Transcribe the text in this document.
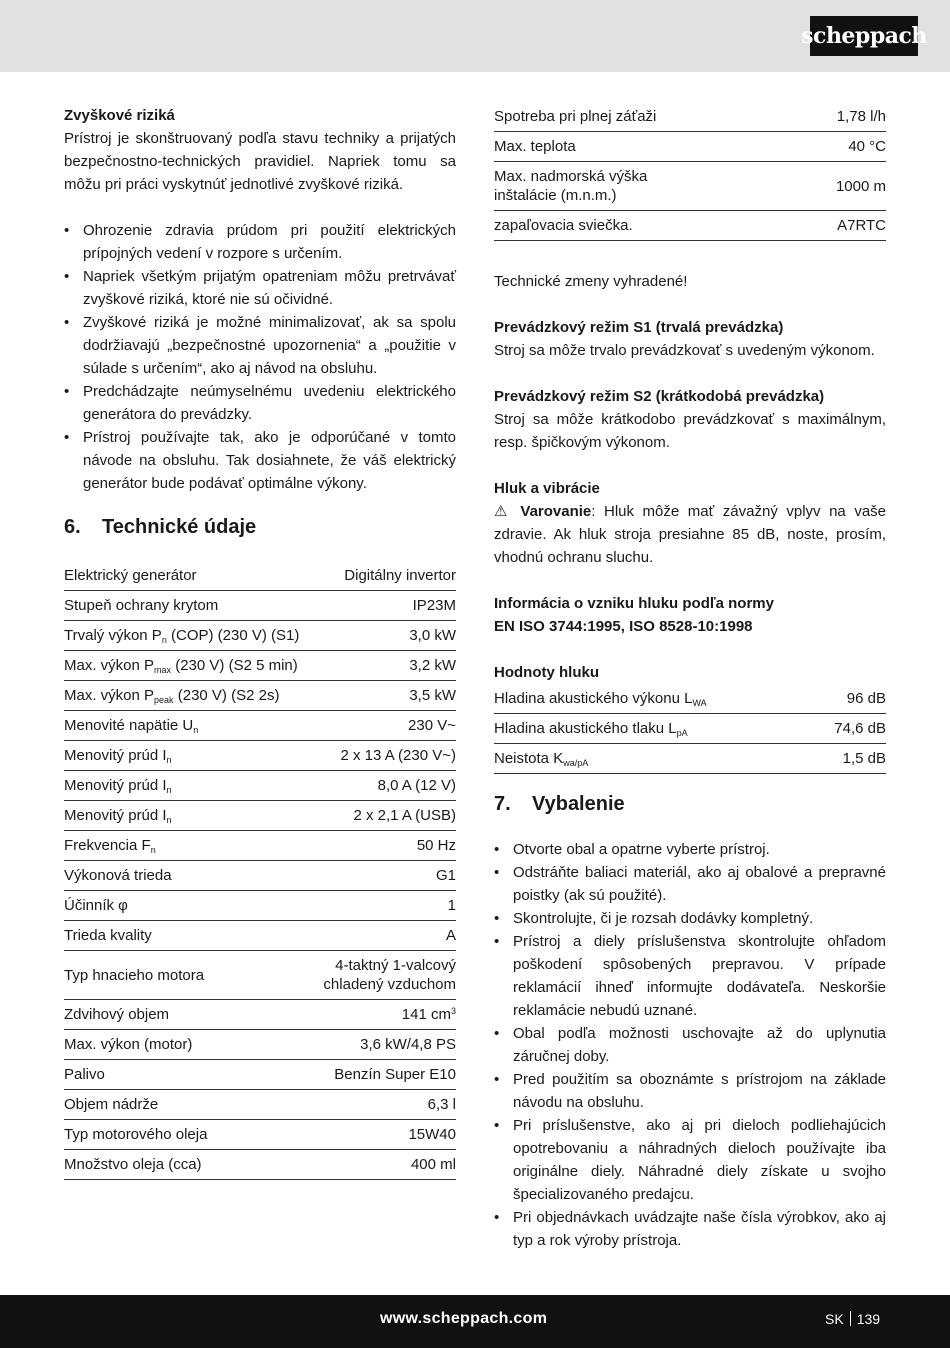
scheppach

Zvyškové riziká

Prístroj je skonštruovaný podľa stavu techniky a prijatých bezpečnostno-technických pravidiel. Napriek tomu sa môžu pri práci vyskytnúť jednotlivé zvyškové riziká.

• Ohrozenie zdravia prúdom pri použití elektrických prípojných vedení v rozpore s určením.
• Napriek všetkým prijatým opatreniam môžu pretrvávať zvyškové riziká, ktoré nie sú očividné.
• Zvyškové riziká je možné minimalizovať, ak sa spolu dodržiavajú „bezpečnostné upozornenia“ a „použitie v súlade s určením“, ako aj návod na obsluhu.
• Predchádzajte neúmyselnému uvedeniu elektrického generátora do prevádzky.
• Prístroj používajte tak, ako je odporúčané v tomto návode na obsluhu. Tak dosiahnete, že váš elektrický generátor bude podávať optimálne výkony.
6.	Technické údaje
Elektrický generátor	Digitálny invertor
Stupeň ochrany krytom	IP23M
Trvalý výkon $P_n$ (COP) (230 V) (S1)	3,0 kW
Max. výkon $P_{max}$ (230 V) (S2 5 min)	3,2 kW
Max. výkon $P_{peak}$ (230 V) (S2 2s)	3,5 kW
Menovité napätie $U_n$	230 V~
Menovitý prúd $I_n$	2 x 13 A (230 V~)
Menovitý prúd $I_n$	8,0 A (12 V)
Menovitý prúd $I_n$	2 x 2,1 A (USB)
Frekvencia $F_n$	50 Hz
Výkonová trieda	G1
Účinník φ	1
Trieda kvality	A
Typ hnacieho motora	4-taktný 1-valcový chladený vzduchom
Zdvihový objem	141 $cm^3$
Max. výkon (motor)	3,6 kW/4,8 PS
Palivo	Benzín Super E10
Objem nádrže	6,3 l
Typ motorového oleja	15W40
Množstvo oleja (cca)	400 ml
Spotreba pri plnej záťaži	1,78 l/h
Max. teplota	40 °C
Max. nadmorská výška inštalácie (m.n.m.)	1000 m
zapaľovacia sviečka.	A7RTC

Technické zmeny vyhradené!

Prevádzkový režim S1 (trvalá prevádzka)

Stroj sa môže trvalo prevádzkovať s uvedeným výkonom.

Prevádzkový režim S2 (krátkodobá prevádzka)

Stroj sa môže krátkodobo prevádzkovať s maximálnym, resp. špičkovým výkonom.

Hluk a vibrácie

⚠ Varovanie: Hluk môže mať závažný vplyv na vaše zdravie. Ak hluk stroja presiahne 85 dB, noste, prosím, vhodnú ochranu sluchu.

Informácia o vzniku hluku podľa normy

EN ISO 3744:1995, ISO 8528-10:1998

Hodnoty hluku

Hladina akustického výkonu $L_{WA}$	96 dB
Hladina akustického tlaku $L_{pA}$	74,6 dB
Neistota $K_{wa/pA}$	1,5 dB
7.	Vybalenie
• Otvorte obal a opatrne vyberte prístroj.
• Odstráňte baliaci materiál, ako aj obalové a prepravné poistky (ak sú použité).
• Skontrolujte, či je rozsah dodávky kompletný.
• Prístroj a diely príslušenstva skontrolujte ohľadom poškodení spôsobených prepravou. V prípade reklamácií ihneď informujte dodávateľa. Neskoršie reklamácie nebudú uznané.
• Obal podľa možnosti uschovajte až do uplynutia záručnej doby.
• Pred použitím sa oboznámte s prístrojom na základe návodu na obsluhu.
• Pri príslušenstve, ako aj pri dieloch podliehajúcich opotrebovaniu a náhradných dieloch používajte iba originálne diely. Náhradné diely získate u svojho špecializovaného predajcu.
• Pri objednávkach uvádzajte naše čísla výrobkov, ako aj typ a rok výroby prístroja.
www.scheppach.com	SK 139
